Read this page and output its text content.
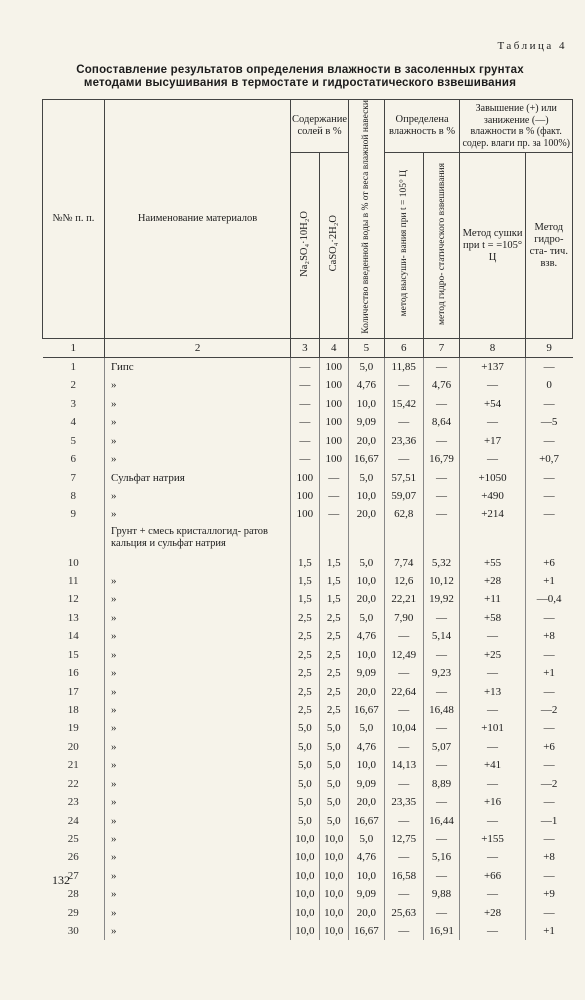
Таблица 4
Сопоставление результатов определения влажности в засоленных грунтах
методами высушивания в термостате и гидростатического взвешивания
№№ п. п.	Наименование материалов	Содержание солей в %		Количество введенной воды в % от веса влажной навески	Определена влажность в %		Завышение (+) или занижение (—) влажности в % (факт. содер. влаги пр. за 100%)	
		Na₂SO₄·10H₂O	CaSO₄·2H₂O		метод высуши- вания при t = 105° Ц	метод гидро- статического взвешивания	Метод сушки при t = =105° Ц	Метод гидро- ста- тич. взв.
1	2	3	4	5	6	7	8	9
1	Гипс	—	100	5,0	11,85	—	+137	—
2	»	—	100	4,76	—	4,76	—	0
3	»	—	100	10,0	15,42	—	+54	—
4	»	—	100	9,09	—	8,64	—	—5
5	»	—	100	20,0	23,36	—	+17	—
6	»	—	100	16,67	—	16,79	—	+0,7
7	Сульфат натрия	100	—	5,0	57,51	—	+1050	—
8	»	100	—	10,0	59,07	—	+490	—
9	»	100	—	20,0	62,8	—	+214	—
10	Грунт + смесь кристаллогид- ратов кальция и сульфат натрия	1,5	1,5	5,0	7,74	5,32	+55	+6
11	»	1,5	1,5	10,0	12,6	10,12	+28	+1
12	»	1,5	1,5	20,0	22,21	19,92	+11	—0,4
13	»	2,5	2,5	5,0	7,90	—	+58	—
14	»	2,5	2,5	4,76	—	5,14	—	+8
15	»	2,5	2,5	10,0	12,49	—	+25	—
16	»	2,5	2,5	9,09	—	9,23	—	+1
17	»	2,5	2,5	20,0	22,64	—	+13	—
18	»	2,5	2,5	16,67	—	16,48	—	—2
19	»	5,0	5,0	5,0	10,04	—	+101	—
20	»	5,0	5,0	4,76	—	5,07	—	+6
21	»	5,0	5,0	10,0	14,13	—	+41	—
22	»	5,0	5,0	9,09	—	8,89	—	—2
23	»	5,0	5,0	20,0	23,35	—	+16	—
24	»	5,0	5,0	16,67	—	16,44	—	—1
25	»	10,0	10,0	5,0	12,75	—	+155	—
26	»	10,0	10,0	4,76	—	5,16	—	+8
27	»	10,0	10,0	10,0	16,58	—	+66	—
28	»	10,0	10,0	9,09	—	9,88	—	+9
29	»	10,0	10,0	20,0	25,63	—	+28	—
30	»	10,0	10,0	16,67	—	16,91	—	+1
132
